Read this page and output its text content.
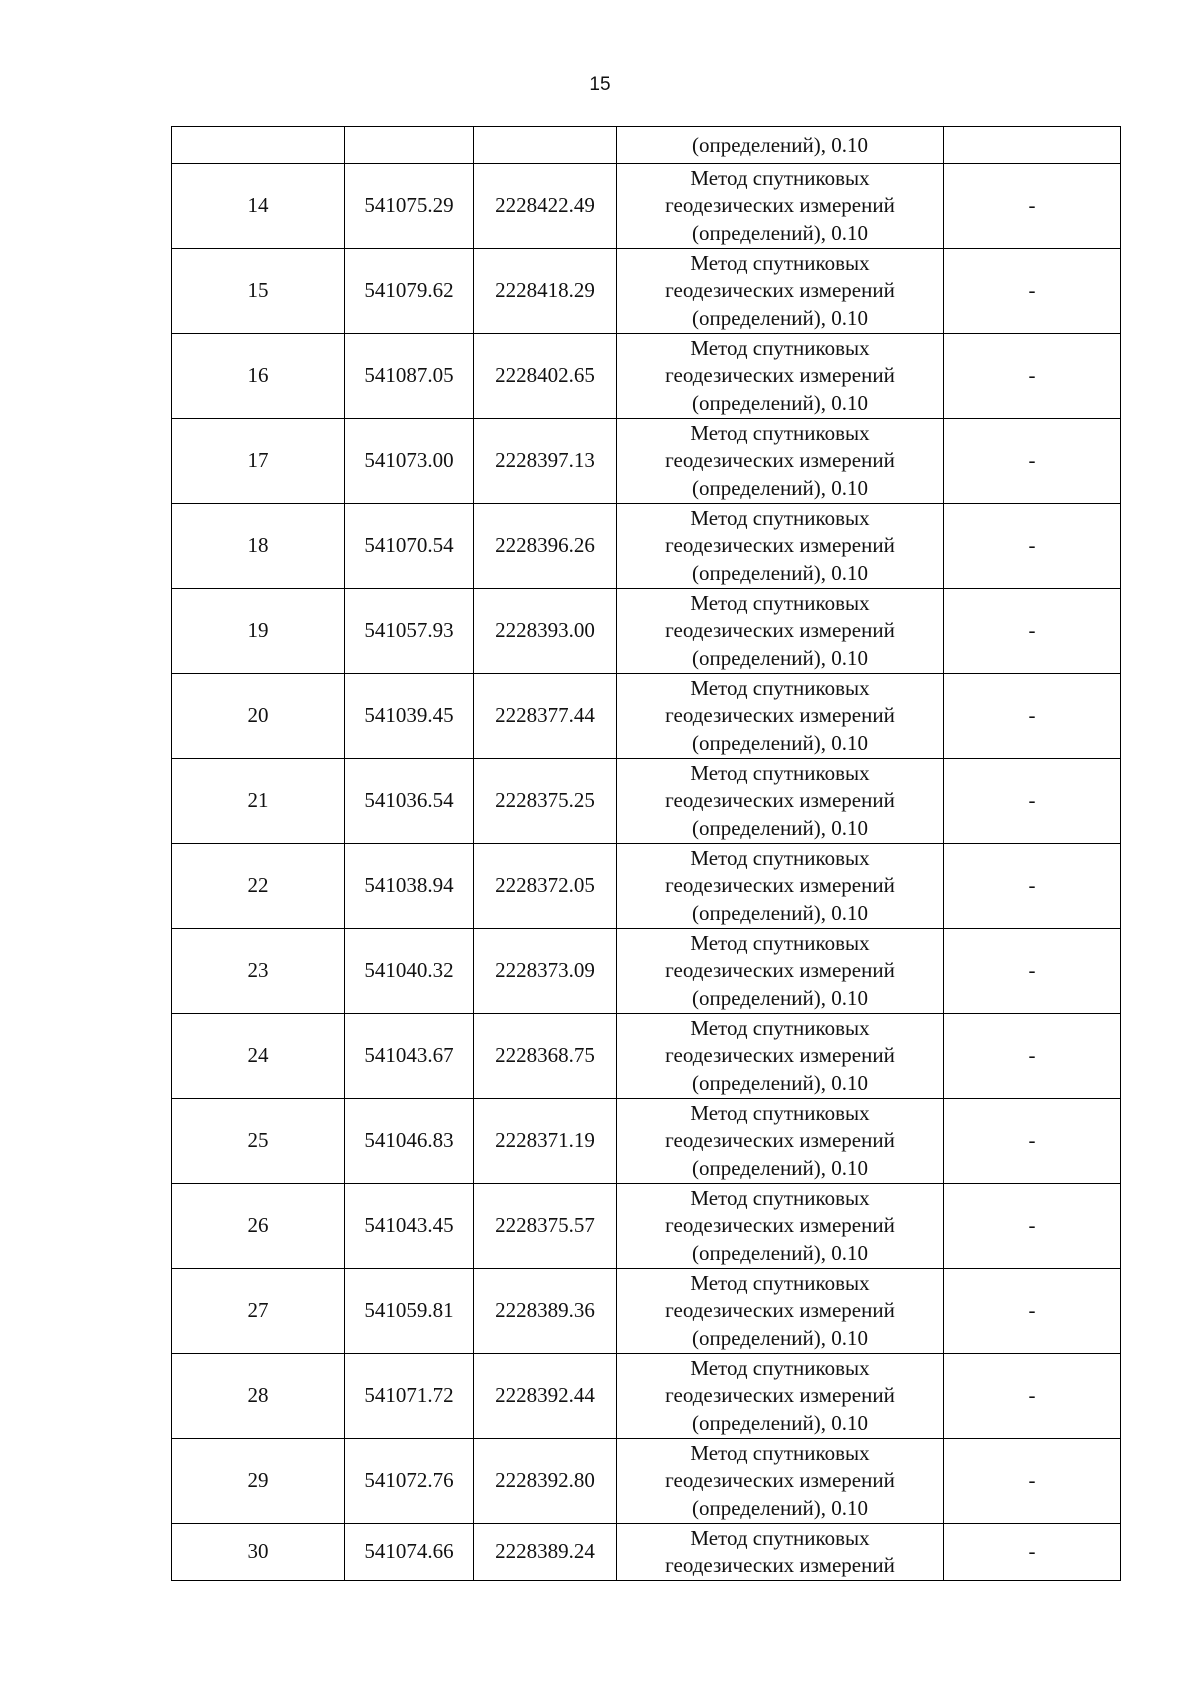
15
			(определений), 0.10	
14	541075.29	2228422.49	Метод спутниковых
геодезических измерений
(определений), 0.10	-
15	541079.62	2228418.29	Метод спутниковых
геодезических измерений
(определений), 0.10	-
16	541087.05	2228402.65	Метод спутниковых
геодезических измерений
(определений), 0.10	-
17	541073.00	2228397.13	Метод спутниковых
геодезических измерений
(определений), 0.10	-
18	541070.54	2228396.26	Метод спутниковых
геодезических измерений
(определений), 0.10	-
19	541057.93	2228393.00	Метод спутниковых
геодезических измерений
(определений), 0.10	-
20	541039.45	2228377.44	Метод спутниковых
геодезических измерений
(определений), 0.10	-
21	541036.54	2228375.25	Метод спутниковых
геодезических измерений
(определений), 0.10	-
22	541038.94	2228372.05	Метод спутниковых
геодезических измерений
(определений), 0.10	-
23	541040.32	2228373.09	Метод спутниковых
геодезических измерений
(определений), 0.10	-
24	541043.67	2228368.75	Метод спутниковых
геодезических измерений
(определений), 0.10	-
25	541046.83	2228371.19	Метод спутниковых
геодезических измерений
(определений), 0.10	-
26	541043.45	2228375.57	Метод спутниковых
геодезических измерений
(определений), 0.10	-
27	541059.81	2228389.36	Метод спутниковых
геодезических измерений
(определений), 0.10	-
28	541071.72	2228392.44	Метод спутниковых
геодезических измерений
(определений), 0.10	-
29	541072.76	2228392.80	Метод спутниковых
геодезических измерений
(определений), 0.10	-
30	541074.66	2228389.24	Метод спутниковых
геодезических измерений	-
